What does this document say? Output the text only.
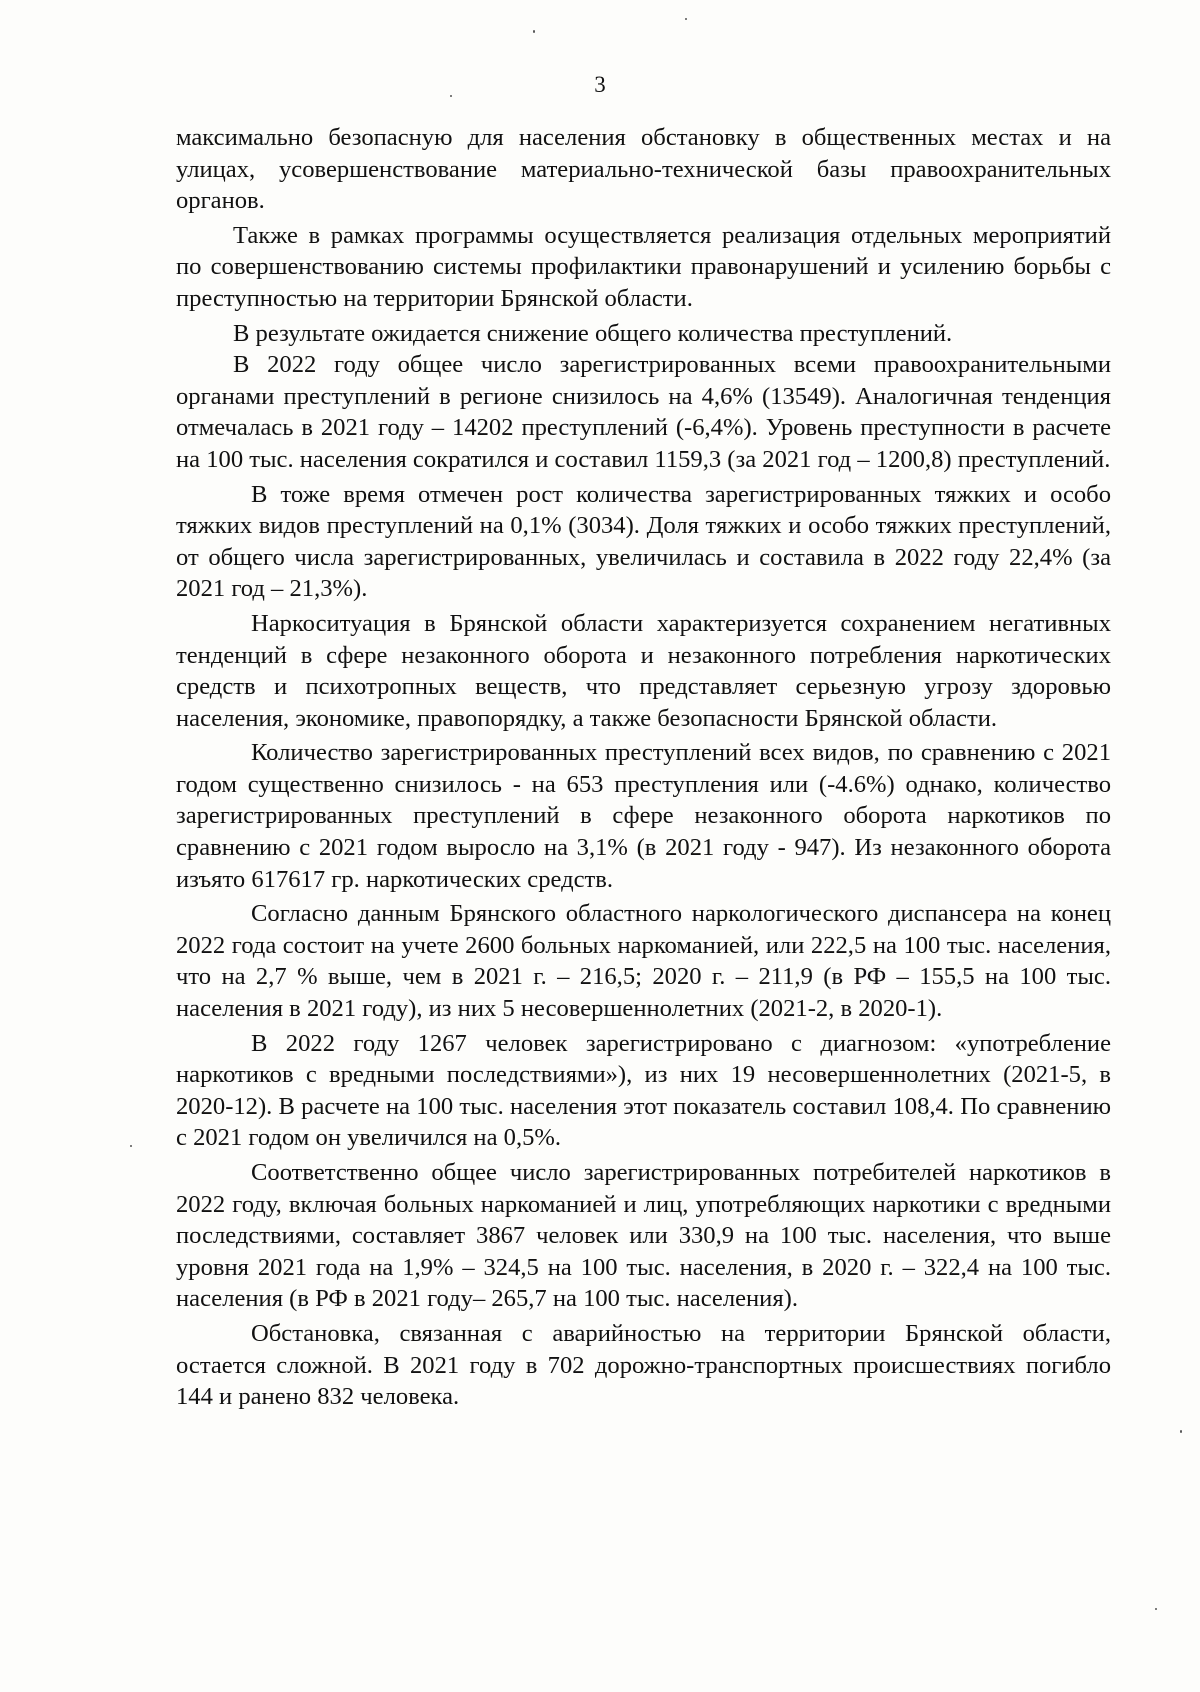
3

максимально безопасную для населения обстановку в общественных местах и на улицах, усовершенствование материально-технической базы правоохранительных органов.

Также в рамках программы осуществляется реализация отдельных мероприятий по совершенствованию системы профилактики правонарушений и усилению борьбы с преступностью на территории Брянской области.

В результате ожидается снижение общего количества преступлений.

В 2022 году общее число зарегистрированных всеми правоохранительными органами преступлений в регионе снизилось на 4,6% (13549). Аналогичная тенденция отмечалась в 2021 году – 14202 преступлений (-6,4%). Уровень преступности в расчете на 100 тыс. населения сократился и составил 1159,3 (за 2021 год – 1200,8) преступлений.

В тоже время отмечен рост количества зарегистрированных тяжких и особо тяжких видов преступлений на 0,1% (3034). Доля тяжких и особо тяжких преступлений, от общего числа зарегистрированных, увеличилась и составила в 2022 году 22,4% (за 2021 год – 21,3%).

Наркоситуация в Брянской области характеризуется сохранением негативных тенденций в сфере незаконного оборота и незаконного потребления наркотических средств и психотропных веществ, что представляет серьезную угрозу здоровью населения, экономике, правопорядку, а также безопасности Брянской области.

Количество зарегистрированных преступлений всех видов, по сравнению с 2021 годом существенно снизилось - на 653 преступления или (-4.6%) однако, количество зарегистрированных преступлений в сфере незаконного оборота наркотиков по сравнению с 2021 годом выросло на 3,1% (в 2021 году - 947). Из незаконного оборота изъято 617617 гр. наркотических средств.

Согласно данным Брянского областного наркологического диспансера на конец 2022 года состоит на учете 2600 больных наркоманией, или 222,5 на 100 тыс. населения, что на 2,7 % выше, чем в 2021 г. – 216,5; 2020 г. – 211,9 (в РФ – 155,5 на 100 тыс. населения в 2021 году), из них 5 несовершеннолетних (2021-2, в 2020-1).

В 2022 году 1267 человек зарегистрировано с диагнозом: «употребление наркотиков с вредными последствиями»), из них 19 несовершеннолетних (2021-5, в 2020-12). В расчете на 100 тыс. населения этот показатель составил 108,4. По сравнению с 2021 годом он увеличился на 0,5%.

Соответственно общее число зарегистрированных потребителей наркотиков в 2022 году, включая больных наркоманией и лиц, употребляющих наркотики с вредными последствиями, составляет 3867 человек или 330,9 на 100 тыс. населения, что выше уровня 2021 года на 1,9% – 324,5 на 100 тыс. населения, в 2020 г. – 322,4 на 100 тыс. населения (в РФ в 2021 году– 265,7 на 100 тыс. населения).

Обстановка, связанная с аварийностью на территории Брянской области, остается сложной. В 2021 году в 702 дорожно-транспортных происшествиях погибло 144 и ранено 832 человека.
